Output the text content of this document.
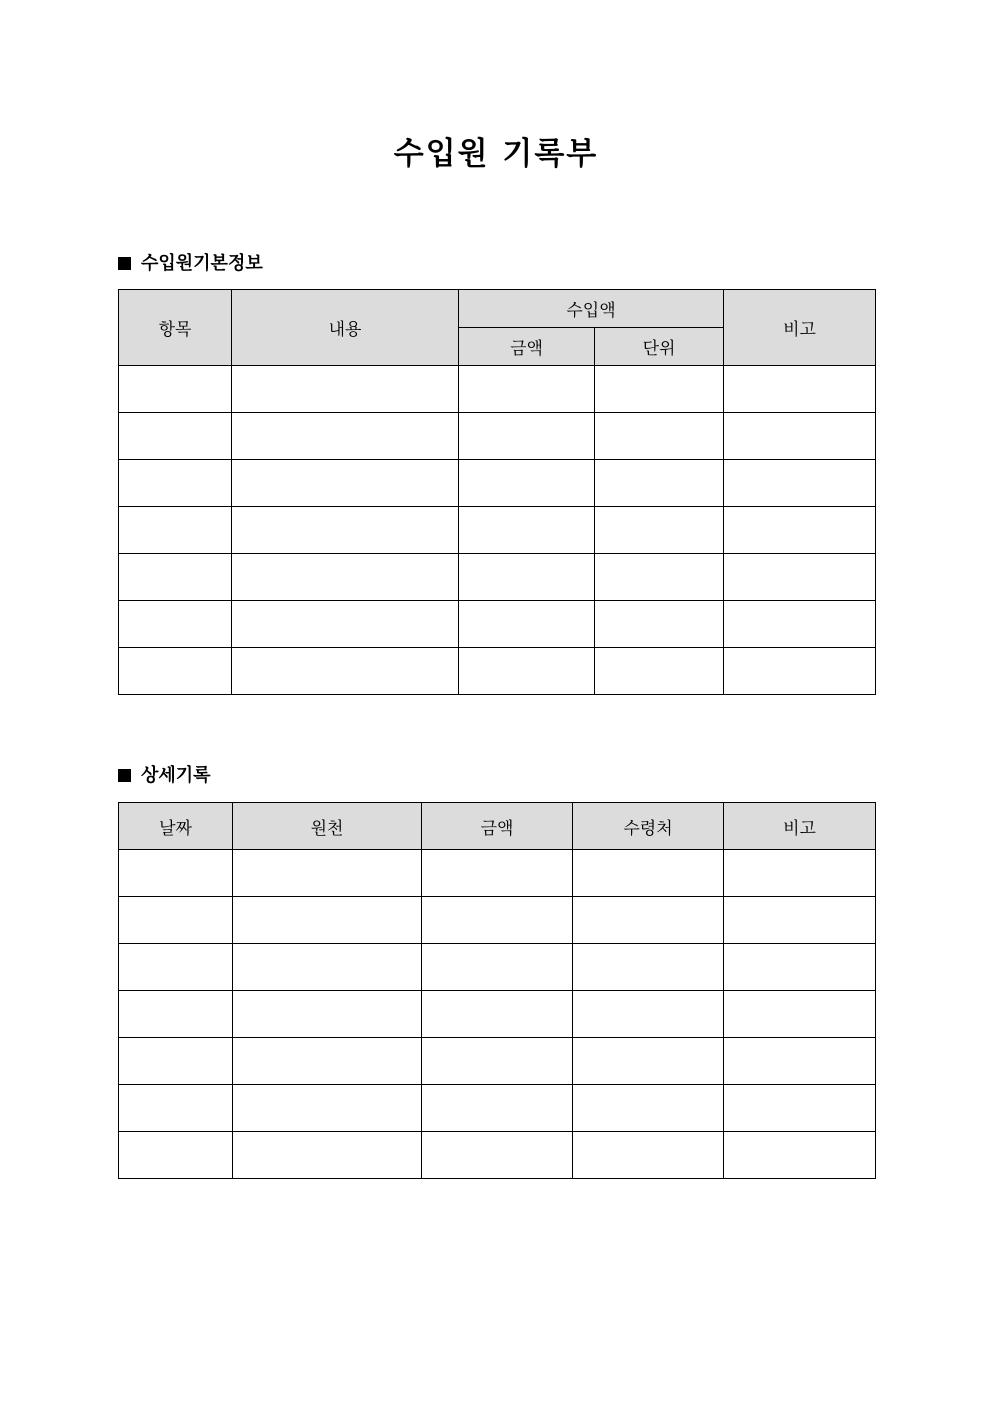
수입원 기록부
수입원기본정보
항목	내용	수입액		비고
		금액	단위	

상세기록
날짜	원천	금액	수령처	비고
